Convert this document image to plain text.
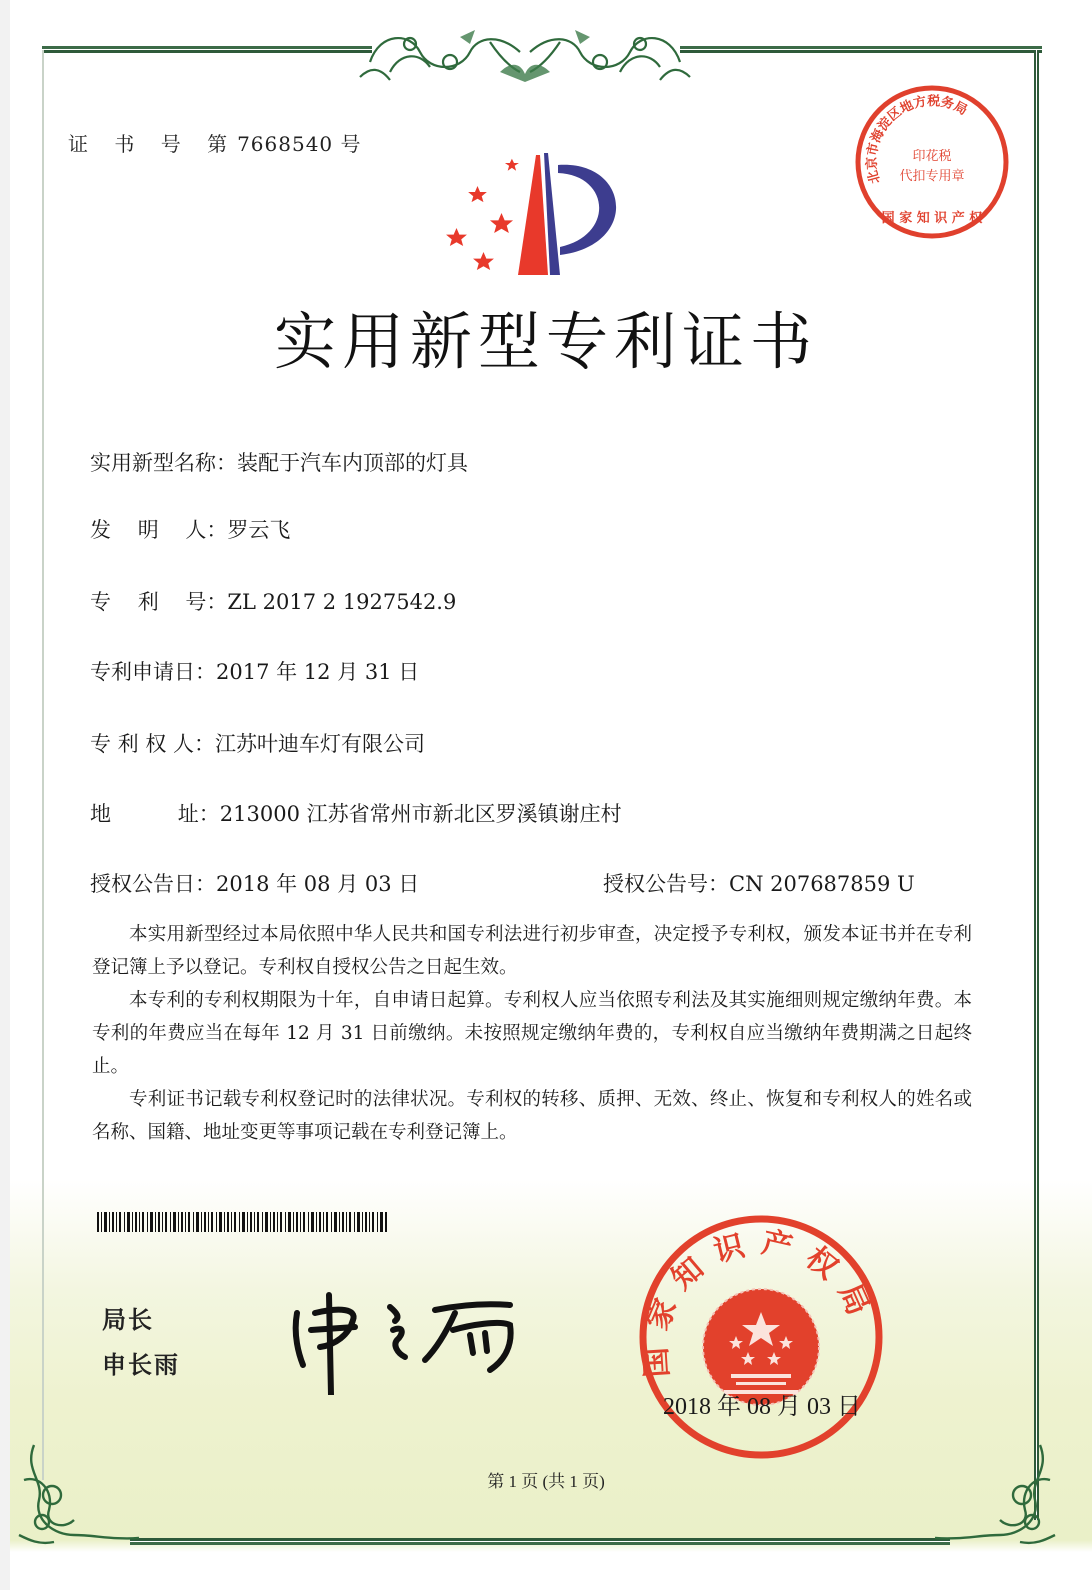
证 书 号 第7668540 号
北京市海淀区地方税务局
印花税
代扣专用章
国 家 知 识 产 权
实用新型专利证书
实用新型名称：装配于汽车内顶部的灯具
发    明    人：罗云飞
专    利    号：ZL 2017 2 1927542.9
专利申请日：2017 年 12 月 31 日
专 利 权 人：江苏叶迪车灯有限公司
地          址：213000 江苏省常州市新北区罗溪镇谢庄村
授权公告日：2018 年 08 月 03 日	授权公告号：CN 207687859 U

本实用新型经过本局依照中华人民共和国专利法进行初步审查，决定授予专利权，颁发本证书并在专利登记簿上予以登记。专利权自授权公告之日起生效。

本专利的专利权期限为十年，自申请日起算。专利权人应当依照专利法及其实施细则规定缴纳年费。本专利的年费应当在每年 12 月 31 日前缴纳。未按照规定缴纳年费的，专利权自应当缴纳年费期满之日起终止。

专利证书记载专利权登记时的法律状况。专利权的转移、质押、无效、终止、恢复和专利权人的姓名或名称、国籍、地址变更等事项记载在专利登记簿上。

局长
申长雨	国家知识产权局
2018 年 08 月 03 日
第 1 页 (共 1 页)
